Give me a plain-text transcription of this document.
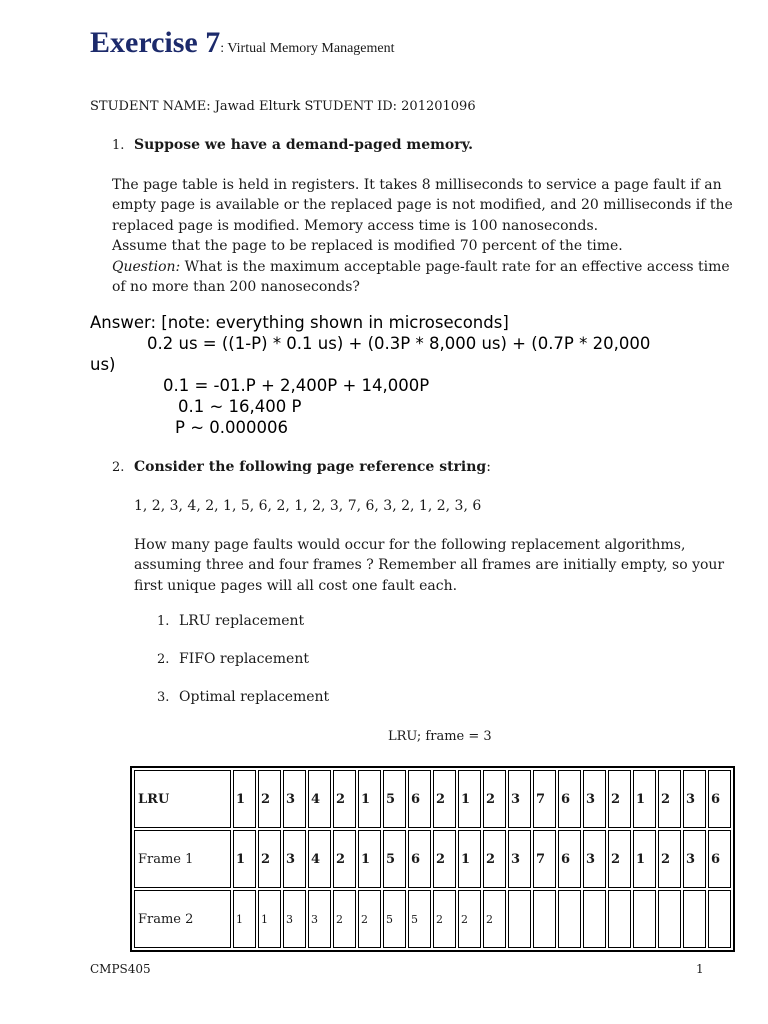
Exercise 7: Virtual Memory Management
STUDENT NAME: Jawad Elturk STUDENT ID: 201201096
1. Suppose we have a demand-paged memory.
The page table is held in registers. It takes 8 milliseconds to service a page fault if an
empty page is available or the replaced page is not modified, and 20 milliseconds if the
replaced page is modified. Memory access time is 100 nanoseconds.
Assume that the page to be replaced is modified 70 percent of the time.
Question: What is the maximum acceptable page-fault rate for an effective access time
of no more than 200 nanoseconds?
Answer: [note: everything shown in microseconds]
0.2 us = ((1-P) * 0.1 us) + (0.3P * 8,000 us) + (0.7P * 20,000
us)
0.1 = -01.P + 2,400P + 14,000P
0.1 ~ 16,400 P
P ~ 0.000006
2. Consider the following page reference string:
1, 2, 3, 4, 2, 1, 5, 6, 2, 1, 2, 3, 7, 6, 3, 2, 1, 2, 3, 6
How many page faults would occur for the following replacement algorithms,
assuming three and four frames ? Remember all frames are initially empty, so your
first unique pages will all cost one fault each.
1. LRU replacement
2. FIFO replacement
3. Optimal replacement
LRU; frame = 3
LRU	1	2	3	4	2	1	5	6	2	1	2	3	7	6	3	2	1	2	3	6
Frame 1	1	2	3	4	2	1	5	6	2	1	2	3	7	6	3	2	1	2	3	6
Frame 2	1	1	3	3	2	2	5	5	2	2	2									
CMPS405	1
